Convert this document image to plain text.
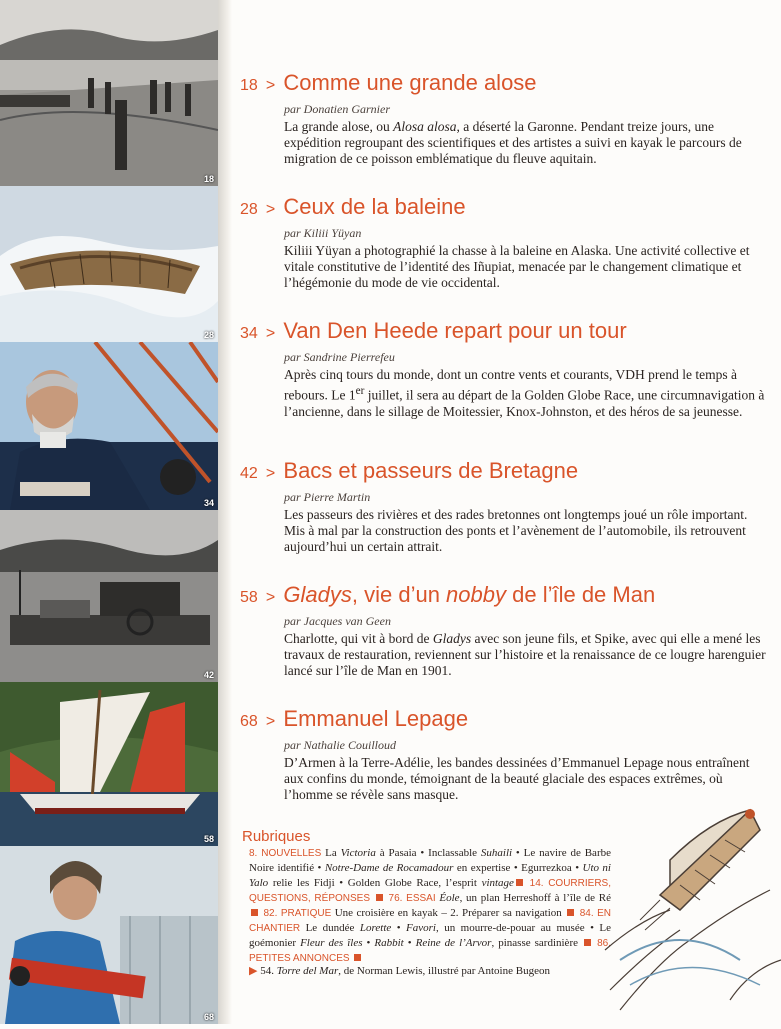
18
28
34
42
58
68
18 > Comme une grande alose
par Donatien Garnier
La grande alose, ou Alosa alosa, a déserté la Garonne. Pendant treize jours, une expédition regroupant des scientifiques et des artistes a suivi en kayak le parcours de migration de ce poisson emblématique du fleuve aquitain.
28 > Ceux de la baleine
par Kiliii Yüyan
Kiliii Yüyan a photographié la chasse à la baleine en Alaska. Une activité collective et vitale constitutive de l’identité des Iñupiat, menacée par le changement climatique et l’hégémonie du mode de vie occidental.
34 > Van Den Heede repart pour un tour
par Sandrine Pierrefeu
Après cinq tours du monde, dont un contre vents et courants, VDH prend le temps à rebours. Le 1er juillet, il sera au départ de la Golden Globe Race, une circumnavigation à l’ancienne, dans le sillage de Moitessier, Knox-Johnston, et des héros de sa jeunesse.
42 > Bacs et passeurs de Bretagne
par Pierre Martin
Les passeurs des rivières et des rades bretonnes ont longtemps joué un rôle important. Mis à mal par la construction des ponts et l’avènement de l’automobile, ils retrouvent aujourd’hui un certain attrait.
58 > Gladys, vie d’un nobby de l’île de Man
par Jacques van Geen
Charlotte, qui vit à bord de Gladys avec son jeune fils, et Spike, avec qui elle a mené les travaux de restauration, reviennent sur l’histoire et la renaissance de ce lougre harenguier lancé sur l’île de Man en 1901.
68 > Emmanuel Lepage
par Nathalie Couilloud
D’Armen à la Terre-Adélie, les bandes dessinées d’Emmanuel Lepage nous entraînent aux confins du monde, témoignant de la beauté glaciale des espaces extrêmes, où l’homme se révèle sans masque.
Rubriques
8. NOUVELLES La Victoria à Pasaia • Inclassable Suhaili • Le navire de Barbe Noire identifié • Notre-Dame de Rocamadour en expertise • Egurrezkoa • Uto ni Yalo relie les Fidji • Golden Globe Race, l’esprit vintage 14. COURRIERS, QUESTIONS, RÉPONSES  76. ESSAI Éole, un plan Herreshoff à l’île de Ré  82. PRATIQUE Une croisière en kayak – 2. Préparer sa navigation  84. EN CHANTIER Le dundée Lorette • Favori, un mourre-de-pouar au musée • Le goémonier Fleur des îles • Rabbit • Reine de l’Arvor, pinasse sardinière  86. PETITES ANNONCES
▶ 54. Torre del Mar, de Norman Lewis, illustré par Antoine Bugeon
